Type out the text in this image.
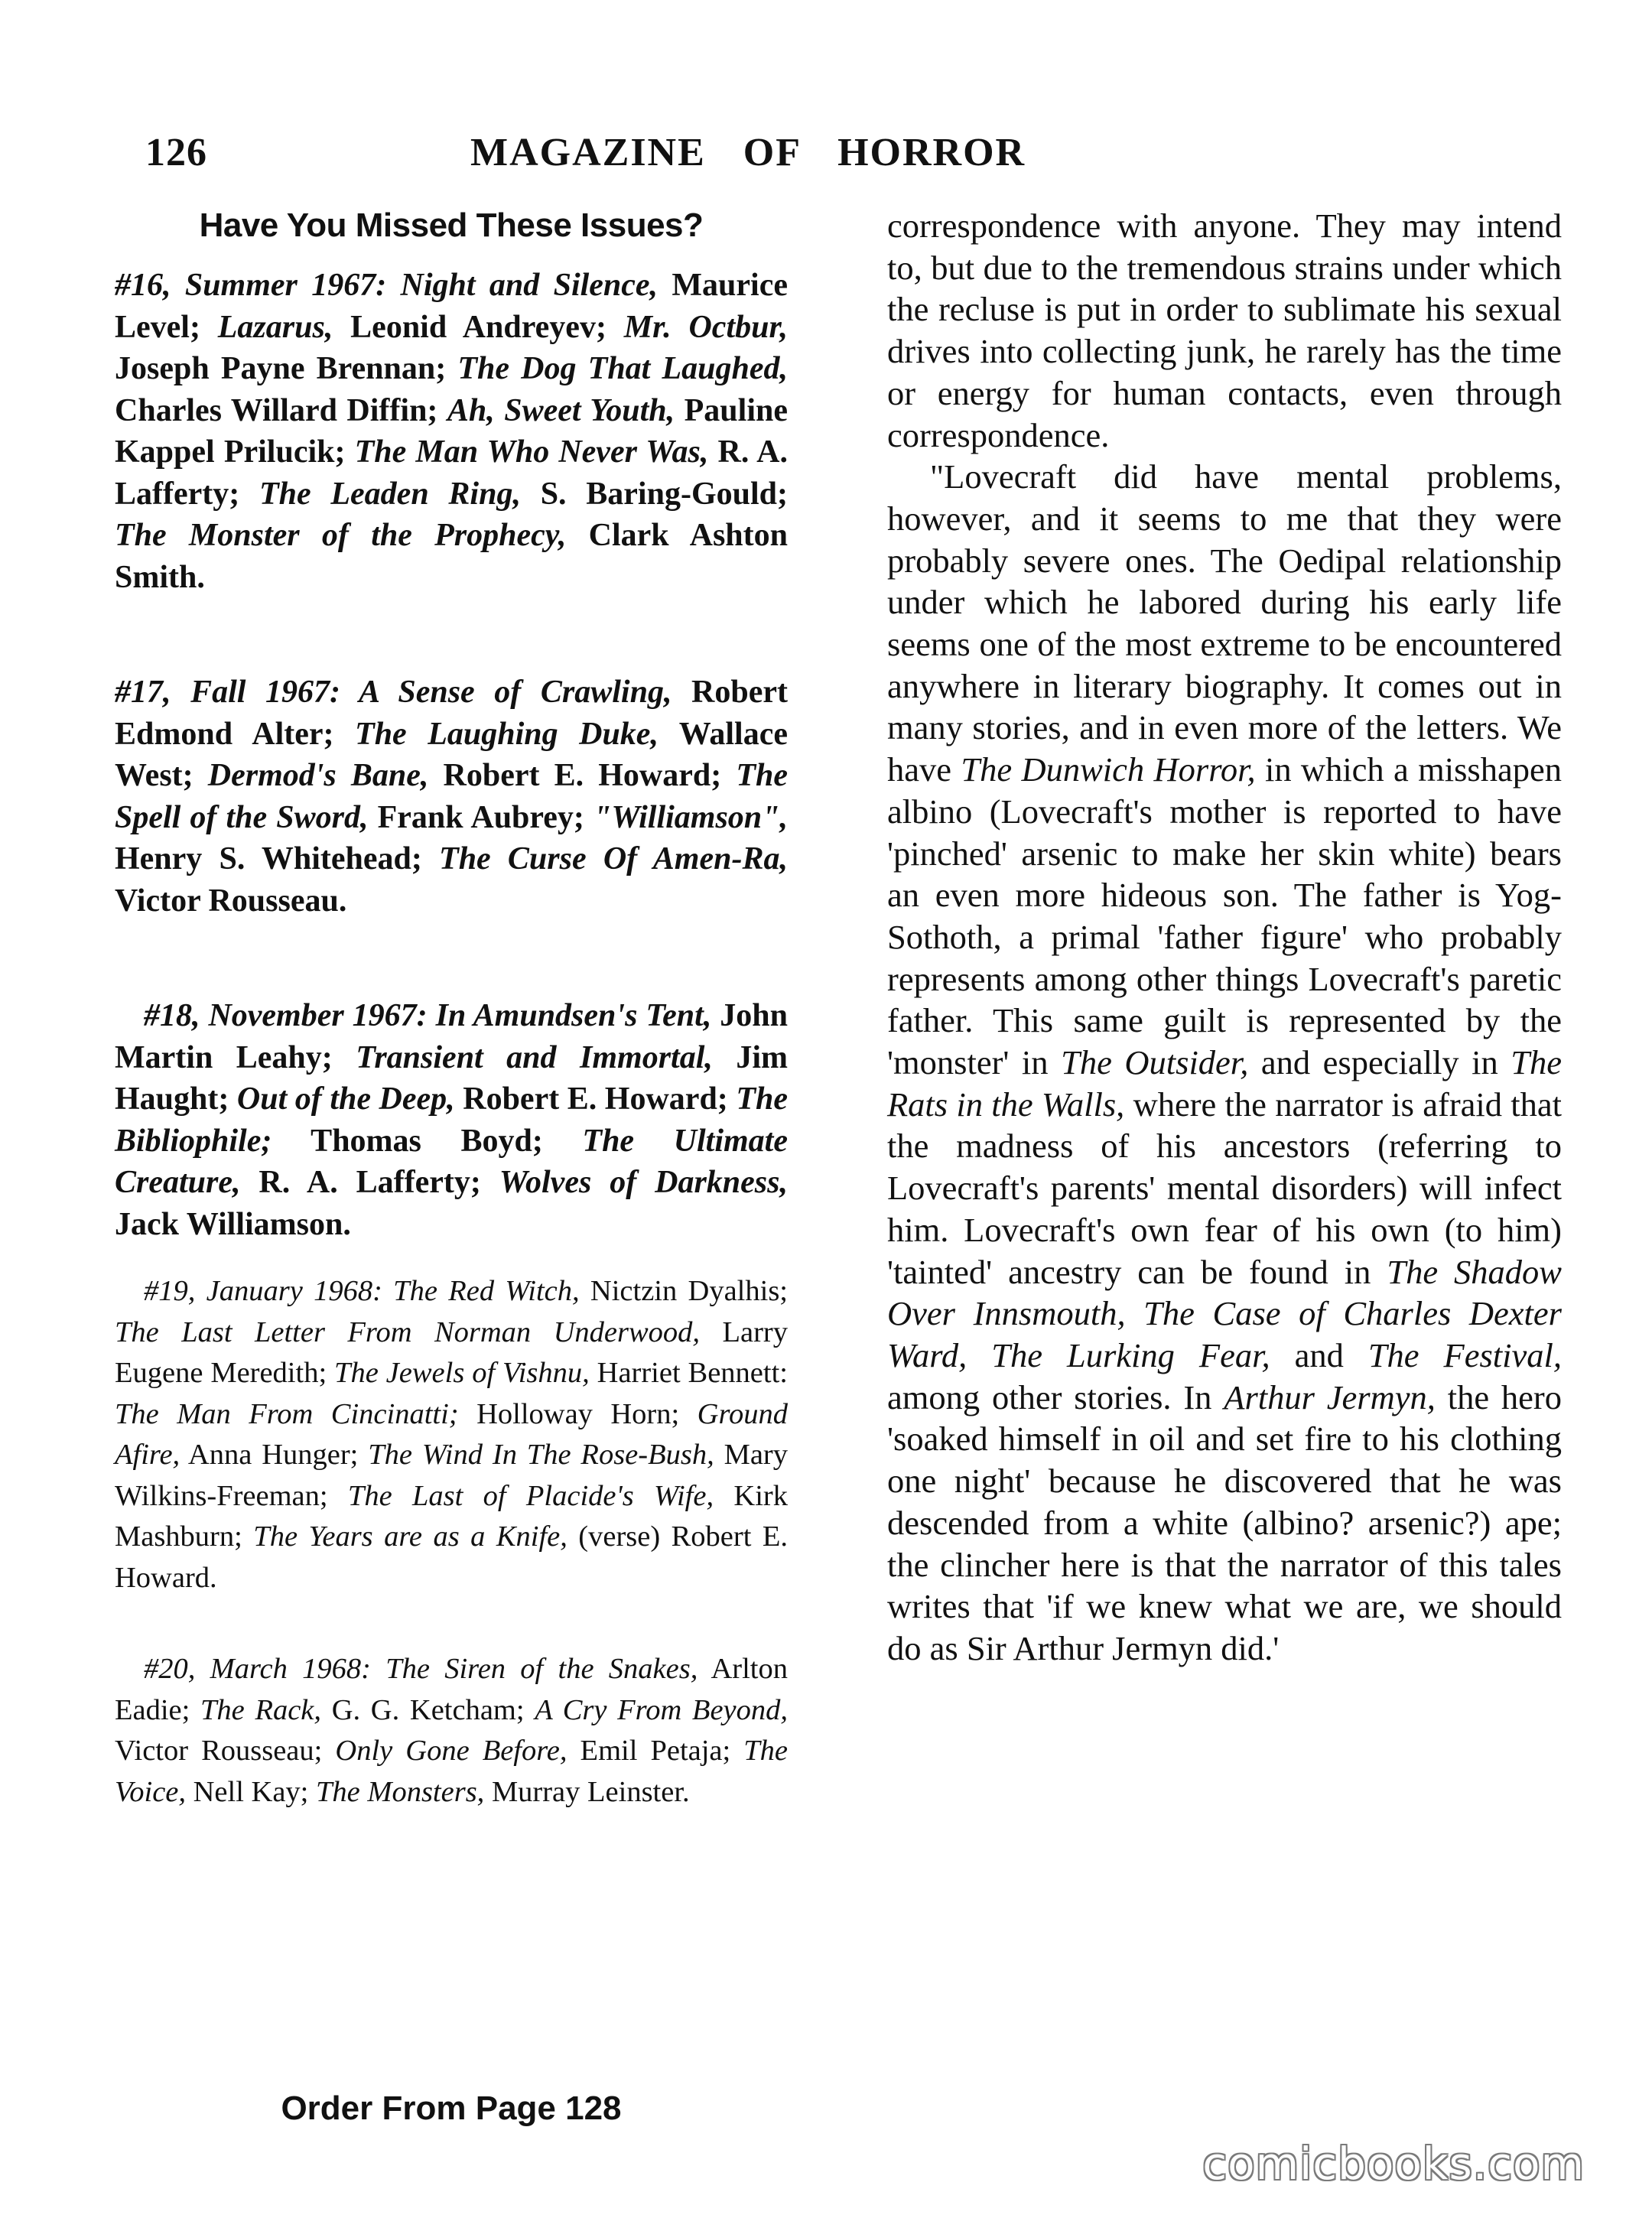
126	MAGAZINE OF HORROR
Have You Missed These Issues?

#16, Summer 1967: Night and Silence, Maurice Level; Lazarus, Leonid Andreyev; Mr. Octbur, Joseph Payne Brennan; The Dog That Laughed, Charles Willard Diffin; Ah, Sweet Youth, Pauline Kappel Prilucik; The Man Who Never Was, R. A. Lafferty; The Leaden Ring, S. Baring-Gould; The Monster of the Prophecy, Clark Ashton Smith.

#17, Fall 1967: A Sense of Crawling, Robert Edmond Alter; The Laughing Duke, Wallace West; Dermod's Bane, Robert E. Howard; The Spell of the Sword, Frank Aubrey; "Williamson", Henry S. Whitehead; The Curse Of Amen-Ra, Victor Rousseau.

#18, November 1967: In Amundsen's Tent, John Martin Leahy; Transient and Immortal, Jim Haught; Out of the Deep, Robert E. Howard; The Bibliophile; Thomas Boyd; The Ultimate Creature, R. A. Lafferty; Wolves of Darkness, Jack Williamson.

#19, January 1968: The Red Witch, Nictzin Dyalhis; The Last Letter From Norman Underwood, Larry Eugene Meredith; The Jewels of Vishnu, Harriet Bennett: The Man From Cincinatti; Holloway Horn; Ground Afire, Anna Hunger; The Wind In The Rose-Bush, Mary Wilkins-Freeman; The Last of Placide's Wife, Kirk Mashburn; The Years are as a Knife, (verse) Robert E. Howard.

#20, March 1968: The Siren of the Snakes, Arlton Eadie; The Rack, G. G. Ketcham; A Cry From Beyond, Victor Rousseau; Only Gone Before, Emil Petaja; The Voice, Nell Kay; The Monsters, Murray Leinster.

Order From Page 128

correspondence with anyone. They may intend to, but due to the tremendous strains under which the recluse is put in order to sublimate his sexual drives into collecting junk, he rarely has the time or energy for human contacts, even through correspondence.

"Lovecraft did have mental problems, however, and it seems to me that they were probably severe ones. The Oedipal relationship under which he labored during his early life seems one of the most extreme to be encountered anywhere in literary biography. It comes out in many stories, and in even more of the letters. We have The Dunwich Horror, in which a misshapen albino (Lovecraft's mother is reported to have 'pinched' arsenic to make her skin white) bears an even more hideous son. The father is Yog-Sothoth, a primal 'father figure' who probably represents among other things Lovecraft's paretic father. This same guilt is represented by the 'monster' in The Outsider, and especially in The Rats in the Walls, where the narrator is afraid that the madness of his ancestors (referring to Lovecraft's parents' mental disorders) will infect him. Lovecraft's own fear of his own (to him) 'tainted' ancestry can be found in The Shadow Over Innsmouth, The Case of Charles Dexter Ward, The Lurking Fear, and The Festival, among other stories. In Arthur Jermyn, the hero 'soaked himself in oil and set fire to his clothing one night' because he discovered that he was descended from a white (albino? arsenic?) ape; the clincher here is that the narrator of this tales writes that 'if we knew what we are, we should do as Sir Arthur Jermyn did.'

comicbooks.com
